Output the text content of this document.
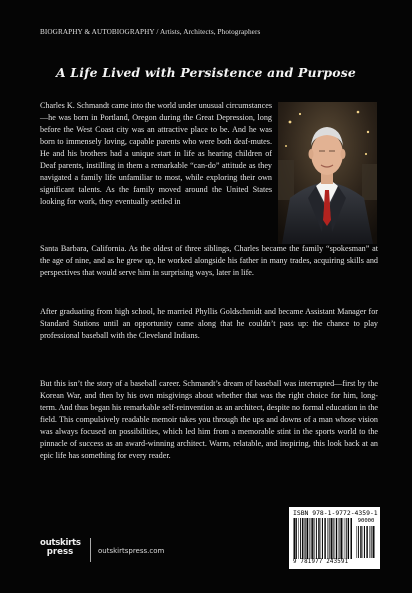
BIOGRAPHY & AUTOBIOGRAPHY / Artists, Architects, Photographers
A Life Lived with Persistence and Purpose
Charles K. Schmandt came into the world under unusual circumstances—he was born in Portland, Oregon during the Great Depression, long before the West Coast city was an attractive place to be. And he was born to immensely loving, capable parents who were both deaf-mutes. He and his brothers had a unique start in life as hearing children of Deaf parents, instilling in them a remarkable “can-do” attitude as they navigated a family life unfamiliar to most, while exploring their own significant talents. As the family moved around the United States looking for work, they eventually settled in
Santa Barbara, California. As the oldest of three siblings, Charles became the family “spokesman” at the age of nine, and as he grew up, he worked alongside his father in many trades, acquiring skills and perspectives that would serve him in surprising ways, later in life.
After graduating from high school, he married Phyllis Goldschmidt and became Assistant Manager for Standard Stations until an opportunity came along that he couldn’t pass up: the chance to play professional baseball with the Cleveland Indians.
But this isn’t the story of a baseball career. Schmandt’s dream of baseball was interrupted—first by the Korean War, and then by his own misgivings about whether that was the right choice for him, long-term. And thus began his remarkable self-reinvention as an architect, despite no formal education in the field. This compulsively readable memoir takes you through the ups and downs of a man whose vision was always focused on possibilities, which led him from a memorable stint in the sports world to the pinnacle of success as an award-winning architect. Warm, relatable, and inspiring, this look back at an epic life has something for every reader.
outskirts
press	outskirtspress.com
ISBN 978-1-9772-4359-1
90000
9 781977 243591
